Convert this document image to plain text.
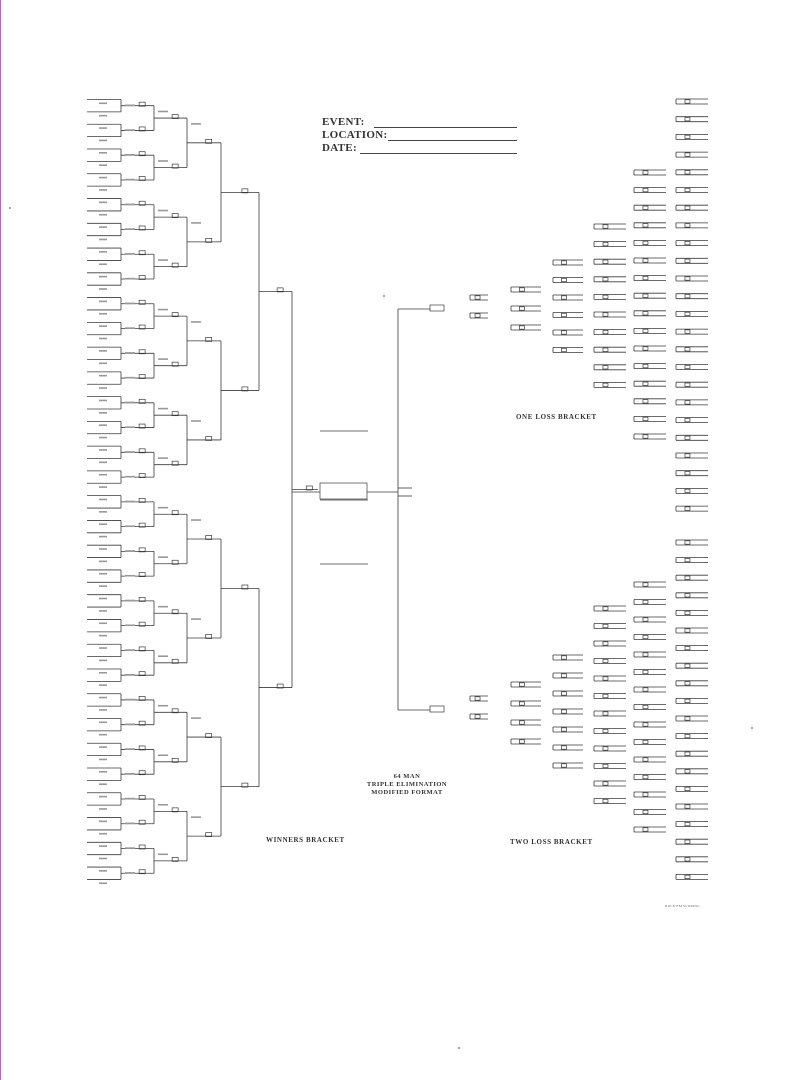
EVENT:
LOCATION:
DATE:
ONE LOSS BRACKET
WINNERS BRACKET	TWO LOSS BRACKET
64 MAN
TRIPLE ELIMINATION
MODIFIED FORMAT
RACK'EM SCORING
